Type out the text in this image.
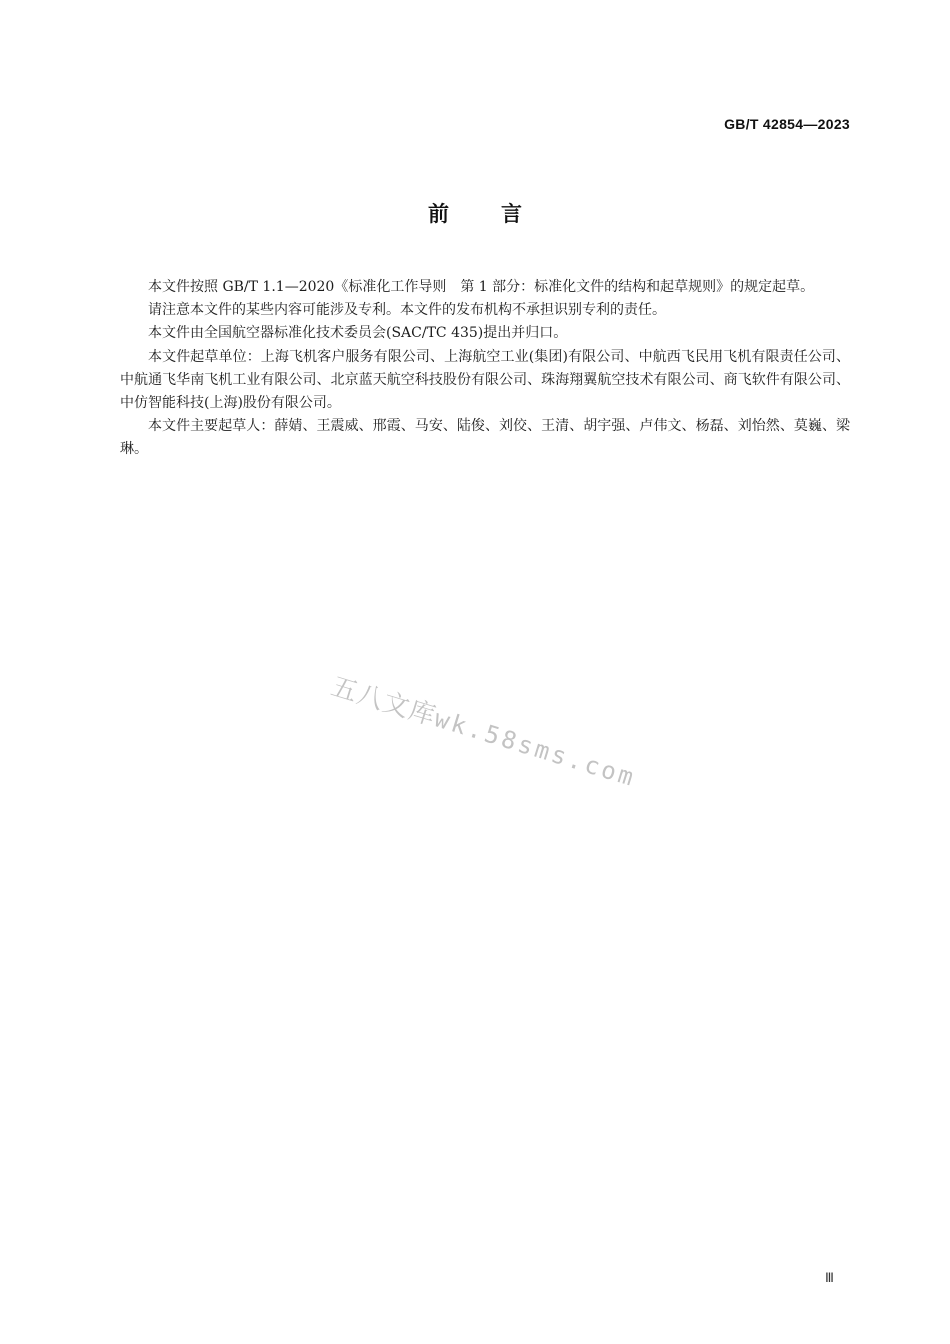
GB/T 42854—2023
前言

本文件按照 GB/T 1.1—2020《标准化工作导则　第 1 部分：标准化文件的结构和起草规则》的规定起草。

请注意本文件的某些内容可能涉及专利。本文件的发布机构不承担识别专利的责任。

本文件由全国航空器标准化技术委员会(SAC/TC 435)提出并归口。

本文件起草单位：上海飞机客户服务有限公司、上海航空工业(集团)有限公司、中航西飞民用飞机有限责任公司、中航通飞华南飞机工业有限公司、北京蓝天航空科技股份有限公司、珠海翔翼航空技术有限公司、商飞软件有限公司、中仿智能科技(上海)股份有限公司。

本文件主要起草人：薛婧、王震威、邢霞、马安、陆俊、刘佼、王清、胡宇强、卢伟文、杨磊、刘怡然、莫巍、梁琳。

五八文库wk.58sms.com
Ⅲ
